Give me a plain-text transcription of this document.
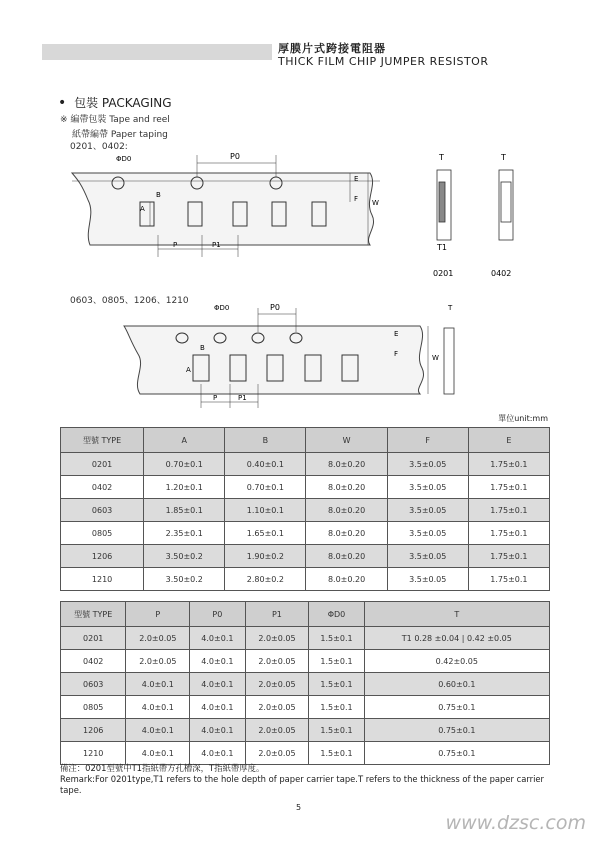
厚膜片式跨接電阻器
THICK FILM CHIP JUMPER RESISTOR
• 包裝 PACKAGING
※ 編帶包裝 Tape and reel
紙帶編帶 Paper taping
0201、0402:
ΦD0	P0
P	P1
A
B
E
F W
T
T1
T
0201	0402
0603、0805、1206、1210
ΦD0	P0
P	P1
A
B
E
F	W
T
單位unit:mm
型號 TYPE	A	B	W	F	E
0201	0.70±0.1	0.40±0.1	8.0±0.20	3.5±0.05	1.75±0.1
0402	1.20±0.1	0.70±0.1	8.0±0.20	3.5±0.05	1.75±0.1
0603	1.85±0.1	1.10±0.1	8.0±0.20	3.5±0.05	1.75±0.1
0805	2.35±0.1	1.65±0.1	8.0±0.20	3.5±0.05	1.75±0.1
1206	3.50±0.2	1.90±0.2	8.0±0.20	3.5±0.05	1.75±0.1
1210	3.50±0.2	2.80±0.2	8.0±0.20	3.5±0.05	1.75±0.1
型號 TYPE	P	P0	P1	ΦD0	T
0201	2.0±0.05	4.0±0.1	2.0±0.05	1.5±0.1	T1 0.28 ±0.04 | 0.42 ±0.05
0402	2.0±0.05	4.0±0.1	2.0±0.05	1.5±0.1	0.42±0.05
0603	4.0±0.1	4.0±0.1	2.0±0.05	1.5±0.1	0.60±0.1
0805	4.0±0.1	4.0±0.1	2.0±0.05	1.5±0.1	0.75±0.1
1206	4.0±0.1	4.0±0.1	2.0±0.05	1.5±0.1	0.75±0.1
1210	4.0±0.1	4.0±0.1	2.0±0.05	1.5±0.1	0.75±0.1
備注：0201型號中T1指紙帶方孔槽深，T指紙帶厚度。
Remark:For 0201type,T1 refers to the hole depth of paper carrier tape.T refers to the thickness of the paper carrier tape.
5
www.dzsc.com
